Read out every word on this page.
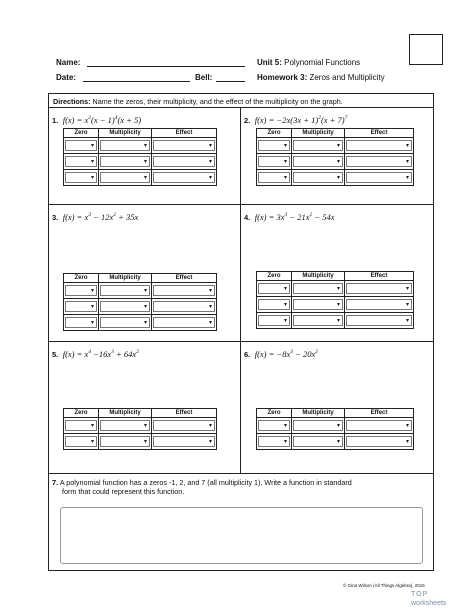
Name:
Date:	Bell:
Unit 5: Polynomial Functions
Homework 3: Zeros and Multiplicity
Directions: Name the zeros, their multiplicity, and the effect of the multiplicity on the graph.
1. $f(x) = x^2(x - 1)^4(x + 5)$
Zero	Multiplicity	Effect

▾	▾	▾

▾	▾	▾

▾	▾	▾
2. $f(x) = -2x(3x + 1)^2(x + 7)^7$
Zero	Multiplicity	Effect

▾	▾	▾

▾	▾	▾

▾	▾	▾
3. $f(x) = x^3 - 12x^2 + 35x$
Zero	Multiplicity	Effect

▾	▾	▾

▾	▾	▾

▾	▾	▾
4. $f(x) = 3x^3 - 21x^2 - 54x$
Zero	Multiplicity	Effect

▾	▾	▾

▾	▾	▾

▾	▾	▾
5. $f(x) = x^4 -16x^3 + 64x^2$
Zero	Multiplicity	Effect

▾	▾	▾

▾	▾	▾
6. $f(x) = -8x^3 - 20x^2$
Zero	Multiplicity	Effect

▾	▾	▾

▾	▾	▾
7. A polynomial function has a zeros -1, 2, and 7 (all multiplicity 1). Write a function in standard
form that could represent this function.
© Gina Wilson (All Things Algebra), 2015
TOP
worksheets
